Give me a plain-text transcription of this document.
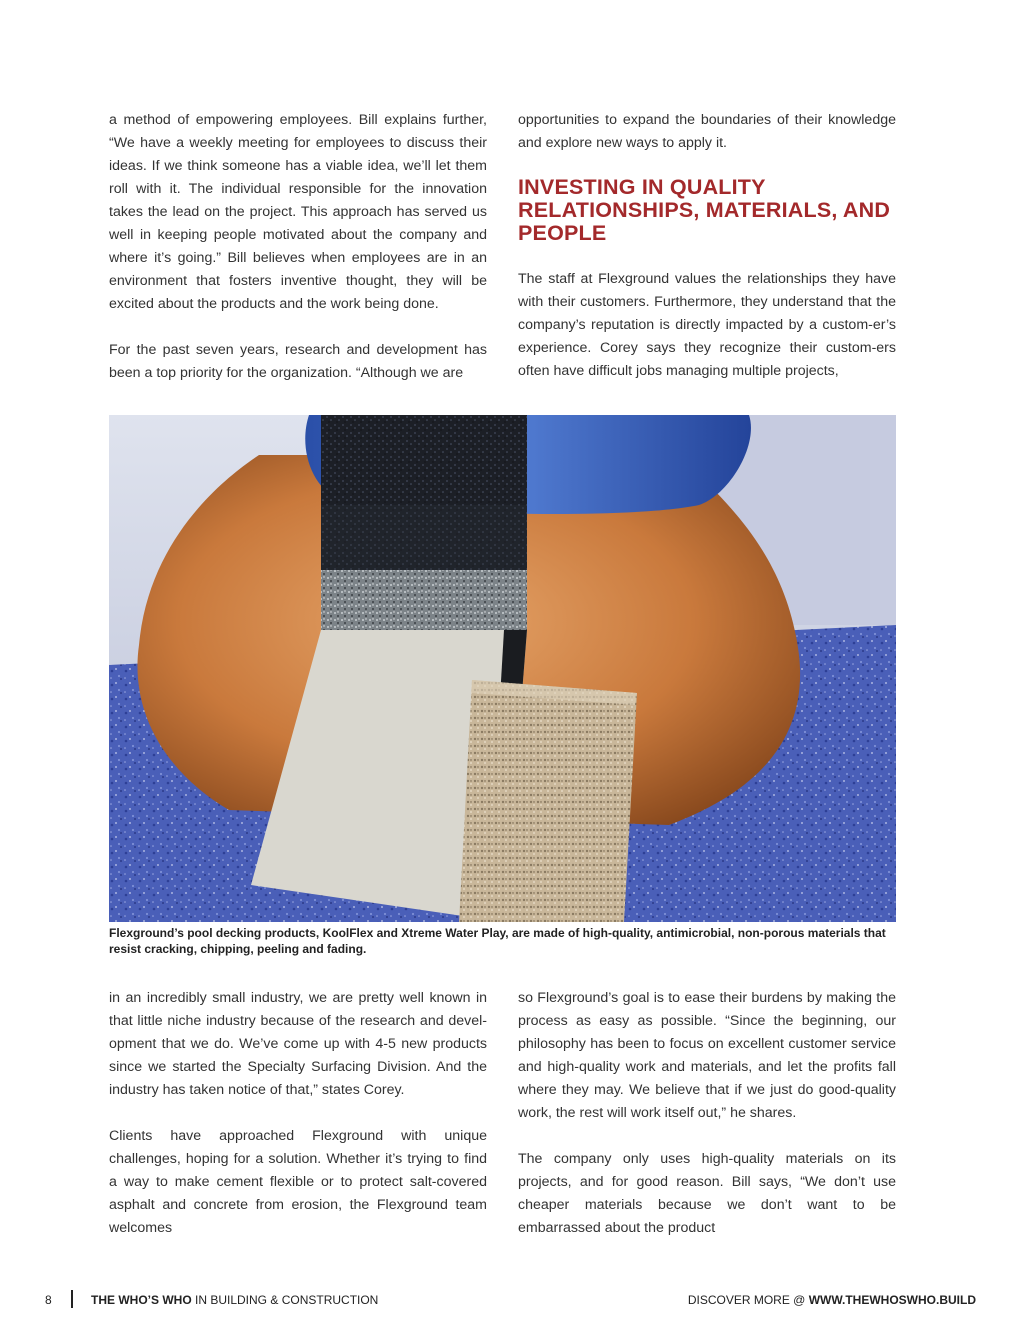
a method of empowering employees. Bill explains further, “We have a weekly meeting for employees to discuss their ideas. If we think someone has a viable idea, we’ll let them roll with it. The individual responsible for the innovation takes the lead on the project. This approach has served us well in keeping people motivated about the company and where it’s going.” Bill believes when employees are in an environment that fosters inventive thought, they will be excited about the products and the work being done.

For the past seven years, research and development has been a top priority for the organization. “Although we are

opportunities to expand the boundaries of their knowledge and explore new ways to apply it.

INVESTING IN QUALITY RELATIONSHIPS, MATERIALS, AND PEOPLE

The staff at Flexground values the relationships they have with their customers. Furthermore, they understand that the company’s reputation is directly impacted by a custom-er’s experience. Corey says they recognize their custom-ers often have difficult jobs managing multiple projects,

Flexground’s pool decking products, KoolFlex and Xtreme Water Play, are made of high-quality, antimicrobial, non-porous materials that resist cracking, chipping, peeling and fading.

in an incredibly small industry, we are pretty well known in that little niche industry because of the research and devel-opment that we do. We’ve come up with 4-5 new products since we started the Specialty Surfacing Division. And the industry has taken notice of that,” states Corey.

Clients have approached Flexground with unique challenges, hoping for a solution. Whether it’s trying to find a way to make cement flexible or to protect salt-covered asphalt and concrete from erosion, the Flexground team welcomes

so Flexground’s goal is to ease their burdens by making the process as easy as possible. “Since the beginning, our philosophy has been to focus on excellent customer service and high-quality work and materials, and let the profits fall where they may. We believe that if we just do good-quality work, the rest will work itself out,” he shares.

The company only uses high-quality materials on its projects, and for good reason. Bill says, “We don’t use cheaper materials because we don’t want to be embarrassed about the product

8	THE WHO’S WHO IN BUILDING & CONSTRUCTION	DISCOVER MORE @ WWW.THEWHOSWHO.BUILD
